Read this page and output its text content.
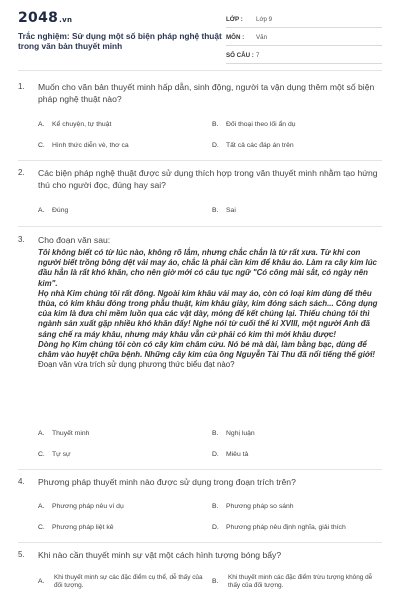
2048.vn
Trắc nghiệm: Sử dụng một số biện pháp nghệ thuật trong văn bản thuyết minh
LỚP : Lớp 9
MÔN : Văn
SỐ CÂU : 7
1. Muốn cho văn bản thuyết minh hấp dẫn, sinh động, người ta vận dụng thêm một số biện pháp nghệ thuật nào?
A. Kể chuyện, tự thuật	B. Đối thoại theo lối ẩn dụ
C. Hình thức diễn vè, thơ ca	D. Tất cả các đáp án trên
2. Các biện pháp nghệ thuật được sử dụng thích hợp trong văn thuyết minh nhằm tạo hứng thú cho người đọc, đúng hay sai?
A. Đúng	B. Sai
3. Cho đoạn văn sau:

Tôi không biết có từ lúc nào, không rõ lắm, nhưng chắc chắn là từ rất xưa. Từ khi con người biết trồng bông dệt vải may áo, chắc là phải cần kim để khâu áo. Làm ra cây kim lúc đầu hẳn là rất khó khăn, cho nên giờ mới có câu tục ngữ "Có công mài sắt, có ngày nên kim".

Họ nhà Kim chúng tôi rất đông. Ngoài kim khâu vải may áo, còn có loại kim dùng để thêu thùa, có kim khâu đóng trong phẫu thuật, kim khâu giày, kim đóng sách sách... Công dụng của kim là đưa chỉ mềm luồn qua các vật dày, mỏng để kết chúng lại. Thiếu chúng tôi thì ngành sản xuất gặp nhiều khó khăn đấy! Nghe nói từ cuối thế kỉ XVIII, một người Anh đã sáng chế ra máy khâu, nhưng máy khâu vẫn cứ phải có kim thì mới khâu được!

Dòng họ Kim chúng tôi còn có cây kim châm cứu. Nó bé mà dài, làm bằng bạc, dùng để châm vào huyệt chữa bệnh. Những cây kim của ông Nguyễn Tài Thu đã nổi tiếng thế giới!

Đoạn văn vừa trích sử dụng phương thức biểu đạt nào?

A. Thuyết minh	B. Nghị luận
C. Tự sự	D. Miêu tả
4. Phương pháp thuyết minh nào được sử dụng trong đoạn trích trên?
A. Phương pháp nêu ví dụ	B. Phương pháp so sánh
C. Phương pháp liệt kê	D. Phương pháp nêu định nghĩa, giải thích
5. Khi nào cần thuyết minh sự vật một cách hình tượng bóng bẩy?
A.
Khi thuyết minh sự các đặc điểm cụ thể, dễ thấy của đối tượng.
B.
Khi thuyết minh các đặc điểm trừu tượng không dễ thấy của đối tượng.
